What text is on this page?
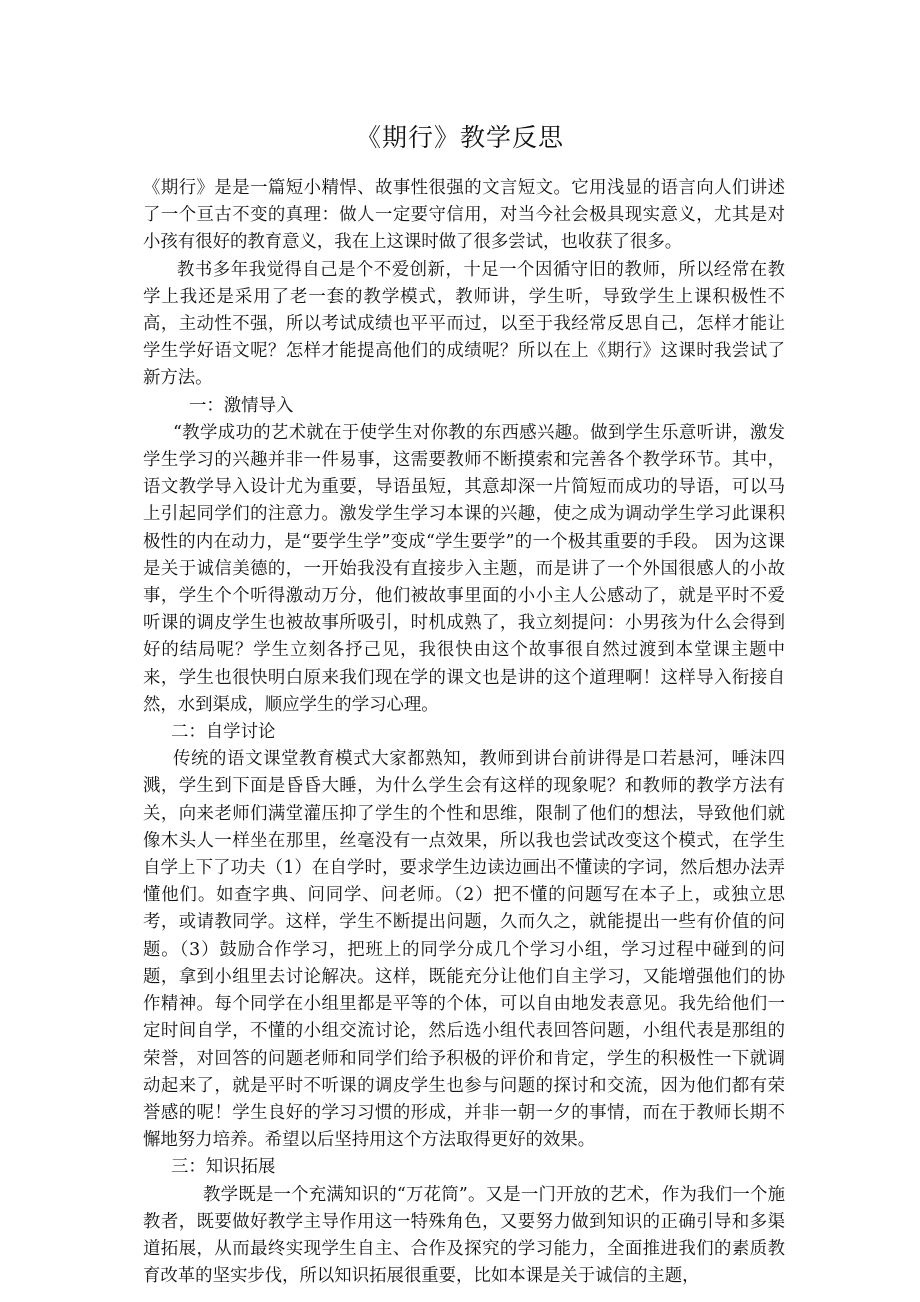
《期行》教学反思

《期行》是是一篇短小精悍、故事性很强的文言短文。它用浅显的语言向人们讲述了一个亘古不变的真理：做人一定要守信用，对当今社会极具现实意义，尤其是对小孩有很好的教育意义，我在上这课时做了很多尝试，也收获了很多。

教书多年我觉得自己是个不爱创新，十足一个因循守旧的教师，所以经常在教学上我还是采用了老一套的教学模式，教师讲，学生听，导致学生上课积极性不高，主动性不强，所以考试成绩也平平而过，以至于我经常反思自己，怎样才能让学生学好语文呢？怎样才能提高他们的成绩呢？所以在上《期行》这课时我尝试了新方法。

一：激情导入

“教学成功的艺术就在于使学生对你教的东西感兴趣。做到学生乐意听讲，激发学生学习的兴趣并非一件易事，这需要教师不断摸索和完善各个教学环节。其中，语文教学导入设计尤为重要，导语虽短，其意却深一片简短而成功的导语，可以马上引起同学们的注意力。激发学生学习本课的兴趣，使之成为调动学生学习此课积极性的内在动力，是“要学生学”变成“学生要学”的一个极其重要的手段。 因为这课是关于诚信美德的，一开始我没有直接步入主题，而是讲了一个外国很感人的小故事，学生个个听得激动万分，他们被故事里面的小小主人公感动了，就是平时不爱听课的调皮学生也被故事所吸引，时机成熟了，我立刻提问：小男孩为什么会得到好的结局呢？学生立刻各抒己见，我很快由这个故事很自然过渡到本堂课主题中来，学生也很快明白原来我们现在学的课文也是讲的这个道理啊！这样导入衔接自然，水到渠成，顺应学生的学习心理。

二：自学讨论

传统的语文课堂教育模式大家都熟知，教师到讲台前讲得是口若悬河，唾沫四溅，学生到下面是昏昏大睡，为什么学生会有这样的现象呢？和教师的教学方法有关，向来老师们满堂灌压抑了学生的个性和思维，限制了他们的想法，导致他们就像木头人一样坐在那里，丝毫没有一点效果，所以我也尝试改变这个模式，在学生自学上下了功夫（1）在自学时，要求学生边读边画出不懂读的字词，然后想办法弄懂他们。如查字典、问同学、问老师。（2）把不懂的问题写在本子上，或独立思考，或请教同学。这样，学生不断提出问题，久而久之，就能提出一些有价值的问题。（3）鼓励合作学习，把班上的同学分成几个学习小组，学习过程中碰到的问题，拿到小组里去讨论解决。这样，既能充分让他们自主学习，又能增强他们的协作精神。每个同学在小组里都是平等的个体，可以自由地发表意见。我先给他们一定时间自学，不懂的小组交流讨论，然后选小组代表回答问题，小组代表是那组的荣誉，对回答的问题老师和同学们给予积极的评价和肯定，学生的积极性一下就调动起来了，就是平时不听课的调皮学生也参与问题的探讨和交流，因为他们都有荣誉感的呢！学生良好的学习习惯的形成，并非一朝一夕的事情，而在于教师长期不懈地努力培养。希望以后坚持用这个方法取得更好的效果。

三：知识拓展

教学既是一个充满知识的“万花筒”。又是一门开放的艺术，作为我们一个施教者，既要做好教学主导作用这一特殊角色，又要努力做到知识的正确引导和多渠道拓展，从而最终实现学生自主、合作及探究的学习能力，全面推进我们的素质教育改革的坚实步伐，所以知识拓展很重要，比如本课是关于诚信的主题，
